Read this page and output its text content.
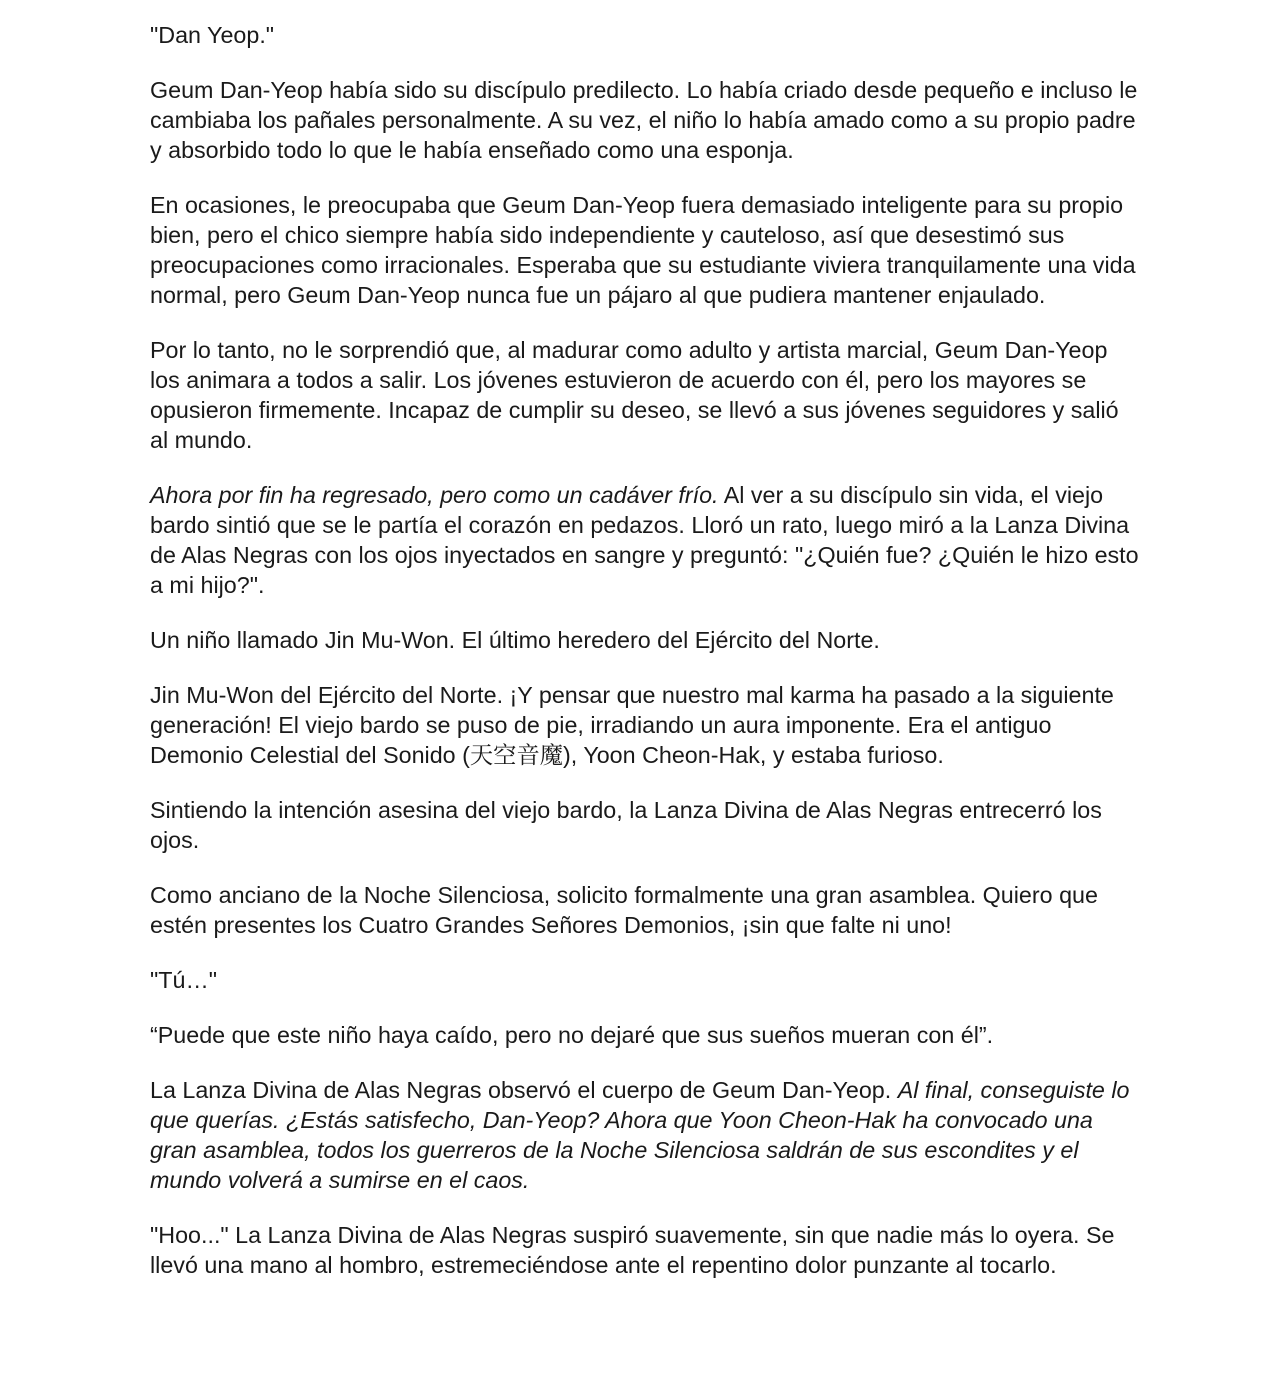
"Dan Yeop."

Geum Dan-Yeop había sido su discípulo predilecto. Lo había criado desde pequeño e incluso le cambiaba los pañales personalmente. A su vez, el niño lo había amado como a su propio padre y absorbido todo lo que le había enseñado como una esponja.

En ocasiones, le preocupaba que Geum Dan-Yeop fuera demasiado inteligente para su propio bien, pero el chico siempre había sido independiente y cauteloso, así que desestimó sus preocupaciones como irracionales. Esperaba que su estudiante viviera tranquilamente una vida normal, pero Geum Dan-Yeop nunca fue un pájaro al que pudiera mantener enjaulado.

Por lo tanto, no le sorprendió que, al madurar como adulto y artista marcial, Geum Dan-Yeop los animara a todos a salir. Los jóvenes estuvieron de acuerdo con él, pero los mayores se opusieron firmemente. Incapaz de cumplir su deseo, se llevó a sus jóvenes seguidores y salió al mundo.

Ahora por fin ha regresado, pero como un cadáver frío. Al ver a su discípulo sin vida, el viejo bardo sintió que se le partía el corazón en pedazos. Lloró un rato, luego miró a la Lanza Divina de Alas Negras con los ojos inyectados en sangre y preguntó: "¿Quién fue? ¿Quién le hizo esto a mi hijo?".

Un niño llamado Jin Mu-Won. El último heredero del Ejército del Norte.

Jin Mu-Won del Ejército del Norte. ¡Y pensar que nuestro mal karma ha pasado a la siguiente generación! El viejo bardo se puso de pie, irradiando un aura imponente. Era el antiguo Demonio Celestial del Sonido (天空音魔), Yoon Cheon-Hak, y estaba furioso.

Sintiendo la intención asesina del viejo bardo, la Lanza Divina de Alas Negras entrecerró los ojos.

Como anciano de la Noche Silenciosa, solicito formalmente una gran asamblea. Quiero que estén presentes los Cuatro Grandes Señores Demonios, ¡sin que falte ni uno!

"Tú…"

“Puede que este niño haya caído, pero no dejaré que sus sueños mueran con él”.

La Lanza Divina de Alas Negras observó el cuerpo de Geum Dan-Yeop. Al final, conseguiste lo que querías. ¿Estás satisfecho, Dan-Yeop? Ahora que Yoon Cheon-Hak ha convocado una gran asamblea, todos los guerreros de la Noche Silenciosa saldrán de sus escondites y el mundo volverá a sumirse en el caos.

"Hoo..." La Lanza Divina de Alas Negras suspiró suavemente, sin que nadie más lo oyera. Se llevó una mano al hombro, estremeciéndose ante el repentino dolor punzante al tocarlo.
